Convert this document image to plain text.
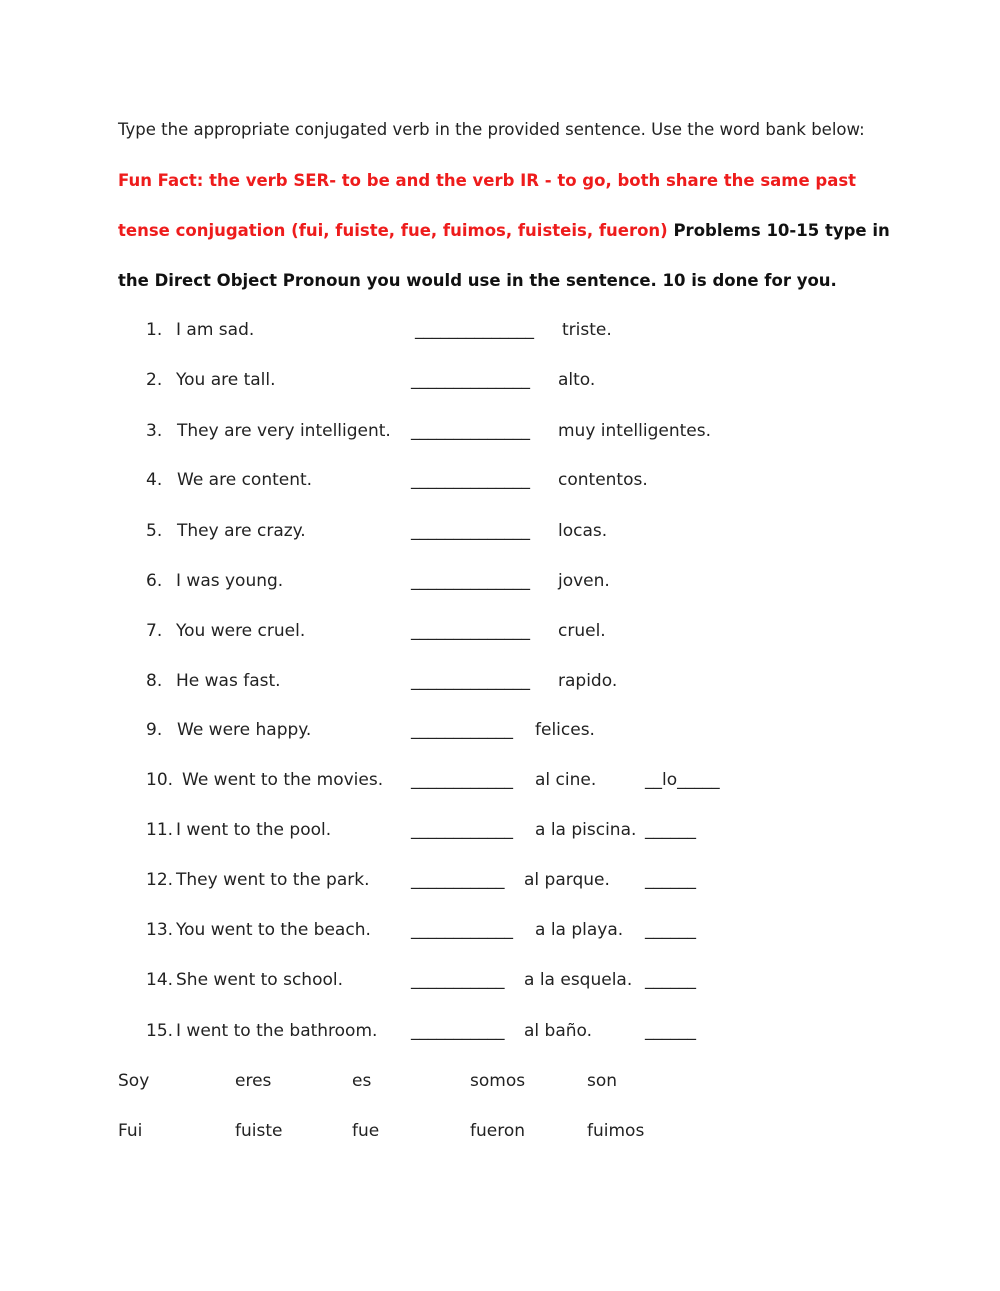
Type the appropriate conjugated verb in the provided sentence. Use the word bank below:
Fun Fact: the verb SER- to be and the verb IR - to go, both share the same past
tense conjugation (fui, fuiste, fue, fuimos, fuisteis, fueron) Problems 10-15 type in
the Direct Object Pronoun you would use in the sentence. 10 is done for you.
1. I am sad.	______________ triste.
2. You are tall.	______________ alto.
3. They are very intelligent. ______________ muy intelligentes.
4. We are content.	______________ contentos.
5. They are crazy.	______________ locas.
6. I was young.	______________ joven.
7. You were cruel.	______________ cruel.
8. He was fast.	______________ rapido.
9. We were happy.	____________ felices.
10. We went to the movies. ____________ al cine.	__lo_____
11. I went to the pool.	____________ a la piscina. ______
12. They went to the park. ___________ al parque. ______
13. You went to the beach. ____________ a la playa. ______
14. She went to school.	___________ a la esquela. ______
15. I went to the bathroom. ___________ al baño.	______
Soy	eres	es	somos	son
Fui	fuiste	fue	fueron	fuimos
